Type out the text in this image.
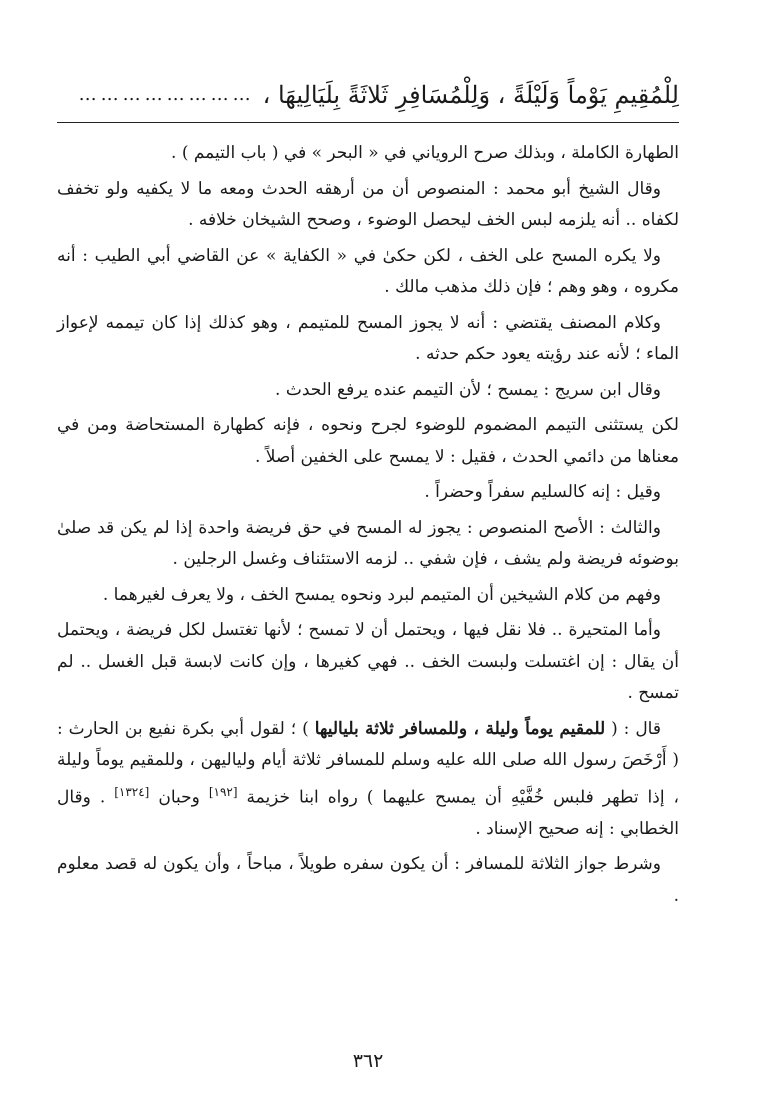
لِلْمُقِيمِ يَوْماً وَلَيْلَةً ، وَلِلْمُسَافِرِ ثَلاثَةً بِلَيَالِيهَا ،
……………………

الطهارة الكاملة ، وبذلك صرح الروياني في « البحر » في ( باب التيمم ) .

وقال الشيخ أبو محمد : المنصوص أن من أرهقه الحدث ومعه ما لا يكفيه ولو تخفف لكفاه .. أنه يلزمه لبس الخف ليحصل الوضوء ، وصحح الشيخان خلافه .

ولا يكره المسح على الخف ، لكن حكىٰ في « الكفاية » عن القاضي أبي الطيب : أنه مكروه ، وهو وهم ؛ فإن ذلك مذهب مالك .

وكلام المصنف يقتضي : أنه لا يجوز المسح للمتيمم ، وهو كذلك إذا كان تيممه لإعواز الماء ؛ لأنه عند رؤيته يعود حكم حدثه .

وقال ابن سريج : يمسح ؛ لأن التيمم عنده يرفع الحدث .

لكن يستثنى التيمم المضموم للوضوء لجرح ونحوه ، فإنه كطهارة المستحاضة ومن في معناها من دائمي الحدث ، فقيل : لا يمسح على الخفين أصلاً .

وقيل : إنه كالسليم سفراً وحضراً .

والثالث : الأصح المنصوص : يجوز له المسح في حق فريضة واحدة إذا لم يكن قد صلىٰ بوضوئه فريضة ولم يشف ، فإن شفي .. لزمه الاستئناف وغسل الرجلين .

وفهم من كلام الشيخين أن المتيمم لبرد ونحوه يمسح الخف ، ولا يعرف لغيرهما .

وأما المتحيرة .. فلا نقل فيها ، ويحتمل أن لا تمسح ؛ لأنها تغتسل لكل فريضة ، ويحتمل أن يقال : إن اغتسلت ولبست الخف .. فهي كغيرها ، وإن كانت لابسة قبل الغسل .. لم تمسح .

قال : ( للمقيم يوماً وليلة ، وللمسافر ثلاثة بلياليها ) ؛ لقول أبي بكرة نفيع بن الحارث : ( أَرْخَصَ رسول الله صلى الله عليه وسلم للمسافر ثلاثة أيام ولياليهن ، وللمقيم يوماً وليلة ، إذا تطهر فلبس خُفَّيْهِ أن يمسح عليهما ) رواه ابنا خزيمة [١٩٢] وحبان [١٣٢٤] . وقال الخطابي : إنه صحيح الإسناد .

وشرط جواز الثلاثة للمسافر : أن يكون سفره طويلاً ، مباحاً ، وأن يكون له قصد معلوم .

٣٦٢
